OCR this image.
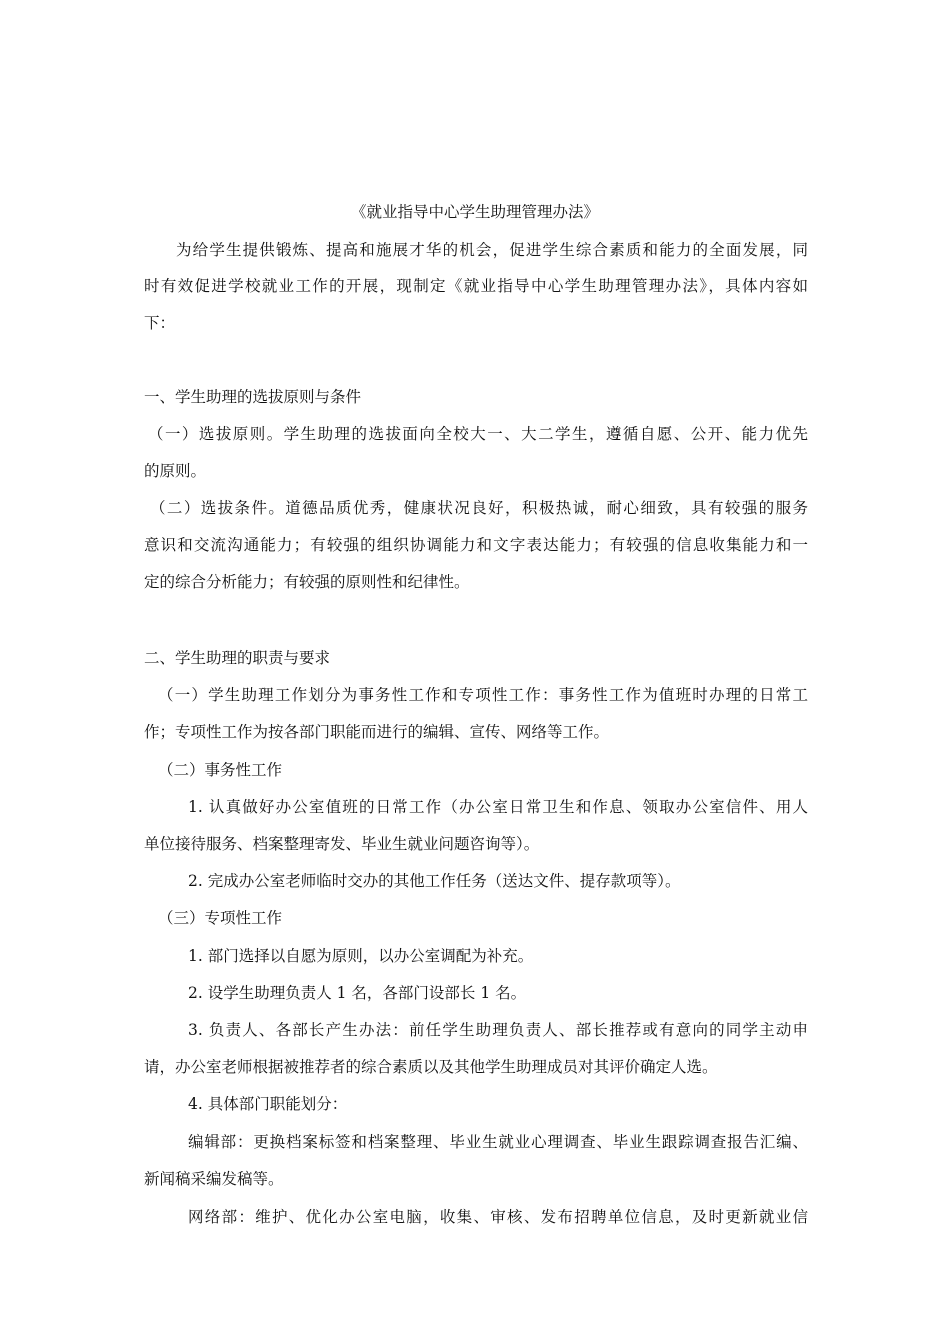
《就业指导中心学生助理管理办法》
为给学生提供锻炼、提高和施展才华的机会，促进学生综合素质和能力的全面发展，同
时有效促进学校就业工作的开展，现制定《就业指导中心学生助理管理办法》，具体内容如
下：
一、学生助理的选拔原则与条件
（一）选拔原则。学生助理的选拔面向全校大一、大二学生，遵循自愿、公开、能力优先
的原则。
（二）选拔条件。道德品质优秀，健康状况良好，积极热诚，耐心细致，具有较强的服务
意识和交流沟通能力；有较强的组织协调能力和文字表达能力；有较强的信息收集能力和一
定的综合分析能力；有较强的原则性和纪律性。
二、学生助理的职责与要求
（一）学生助理工作划分为事务性工作和专项性工作：事务性工作为值班时办理的日常工
作；专项性工作为按各部门职能而进行的编辑、宣传、网络等工作。
（二）事务性工作
1. 认真做好办公室值班的日常工作（办公室日常卫生和作息、领取办公室信件、用人
单位接待服务、档案整理寄发、毕业生就业问题咨询等）。
2. 完成办公室老师临时交办的其他工作任务（送达文件、提存款项等）。
（三）专项性工作
1. 部门选择以自愿为原则，以办公室调配为补充。
2. 设学生助理负责人 1 名，各部门设部长 1 名。
3. 负责人、各部长产生办法：前任学生助理负责人、部长推荐或有意向的同学主动申
请，办公室老师根据被推荐者的综合素质以及其他学生助理成员对其评价确定人选。
4. 具体部门职能划分：
编辑部：更换档案标签和档案整理、毕业生就业心理调查、毕业生跟踪调查报告汇编、
新闻稿采编发稿等。
网络部：维护、优化办公室电脑，收集、审核、发布招聘单位信息，及时更新就业信
